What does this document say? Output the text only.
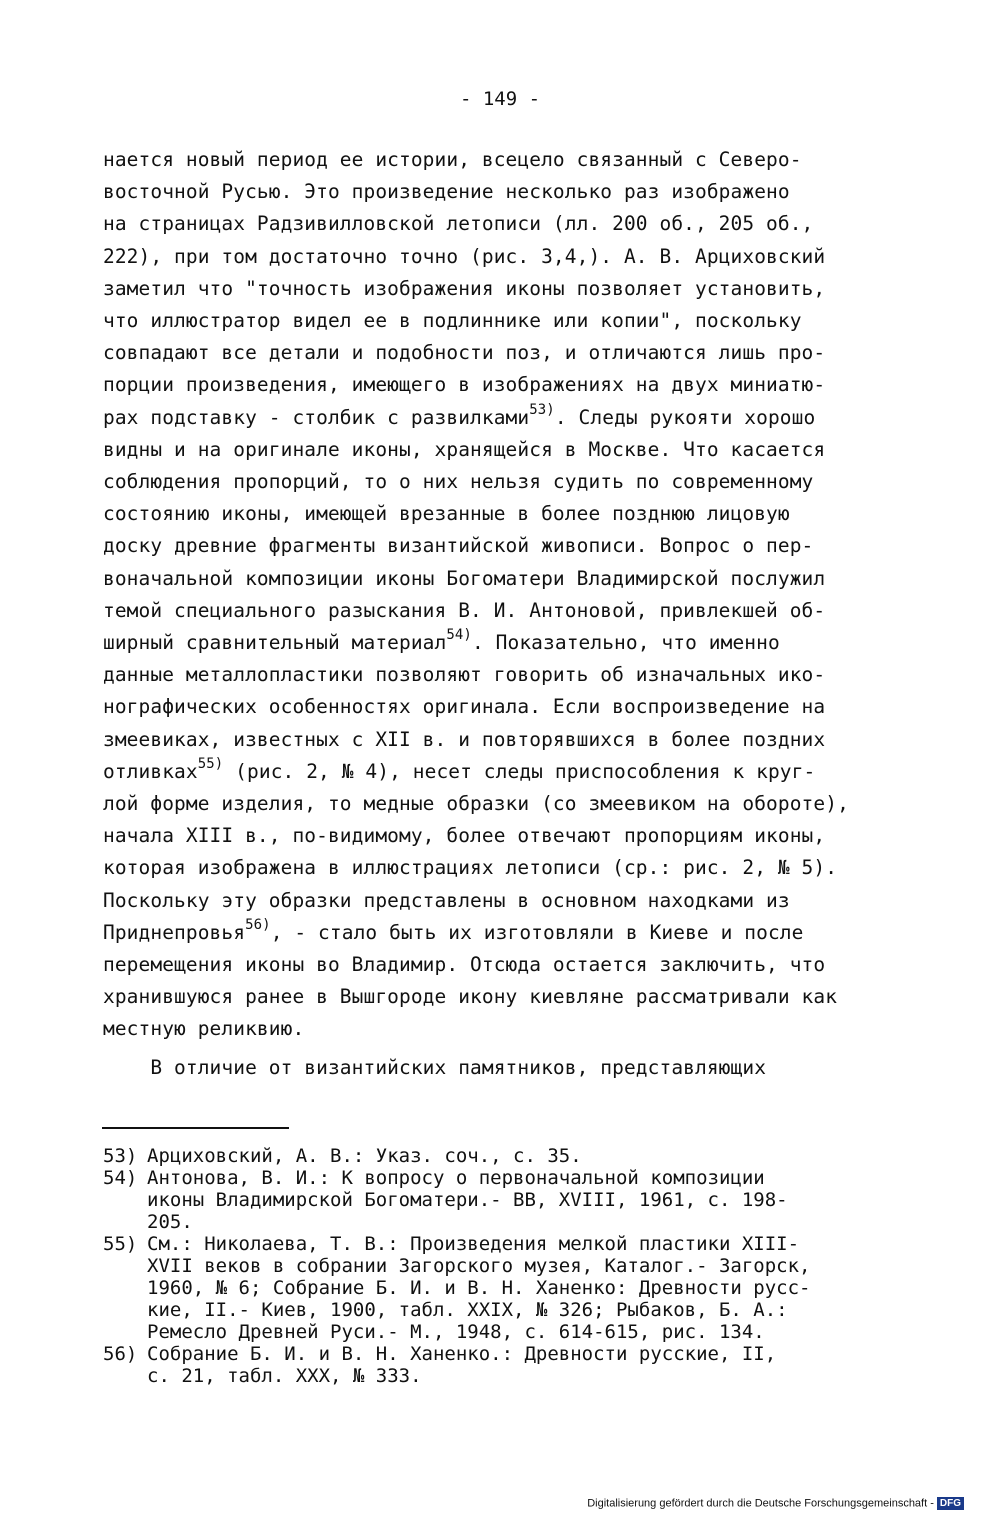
- 149 -
нается новый период ее истории, всецело связанный с Северо-
восточной Русью. Это произведение несколько раз изображено
на страницах Радзивилловской летописи (лл. 200 об., 205 об.,
222), при том достаточно точно (рис. 3,4,). А. В. Арциховский
заметил что "точность изображения иконы позволяет установить,
что иллюстратор видел ее в подлиннике или копии", поскольку
совпадают все детали и подобности поз, и отличаются лишь про-
порции произведения, имеющего в изображениях на двух миниатю-
рах подставку - столбик с развилками$^{53)}$. Следы рукояти хорошо
видны и на оригинале иконы, хранящейся в Москве. Что касается
соблюдения пропорций, то о них нельзя судить по современному
состоянию иконы, имеющей врезанные в более позднюю лицовую
доску древние фрагменты византийской живописи. Вопрос о пер-
воначальной композиции иконы Богоматери Владимирской послужил
темой специального разыскания В. И. Антоновой, привлекшей об-
ширный сравнительный материал$^{54)}$. Показательно, что именно
данные металлопластики позволяют говорить об изначальных ико-
нографических особенностях оригинала. Если воспроизведение на
змеевиках, известных с XII в. и повторявшихся в более поздних
отливках$^{55)}$ (рис. 2, № 4), несет следы приспособления к круг-
лой форме изделия, то медные образки (со змеевиком на обороте),
начала XIII в., по-видимому, более отвечают пропорциям иконы,
которая изображена в иллюстрациях летописи (ср.: рис. 2, № 5).
Поскольку эту образки представлены в основном находками из
Приднепровья$^{56)}$, - стало быть их изготовляли в Киеве и после
перемещения иконы во Владимир. Отсюда остается заключить, что
хранившуюся ранее в Вышгороде икону киевляне рассматривали как
местную реликвию.
В отличие от византийских памятников, представляющих
53) Арциховский, А. В.: Указ. соч., с. 35.
54) Антонова, В. И.: К вопросу о первоначальной композиции
иконы Владимирской Богоматери.- ВВ, XVIII, 1961, с. 198-
205.
55) См.: Николаева, Т. В.: Произведения мелкой пластики XIII-
XVII веков в собрании Загорского музея, Каталог.- Загорск,
1960, № 6; Собрание Б. И. и В. Н. Ханенко: Древности русс-
кие, II.- Киев, 1900, табл. XXIX, № 326; Рыбаков, Б. А.:
Ремесло Древней Руси.- М., 1948, с. 614-615, рис. 134.
56) Собрание Б. И. и В. Н. Ханенко.: Древности русские, II,
с. 21, табл. XXX, № 333.
Digitalisierung gefördert durch die Deutsche Forschungsgemeinschaft - DFG
